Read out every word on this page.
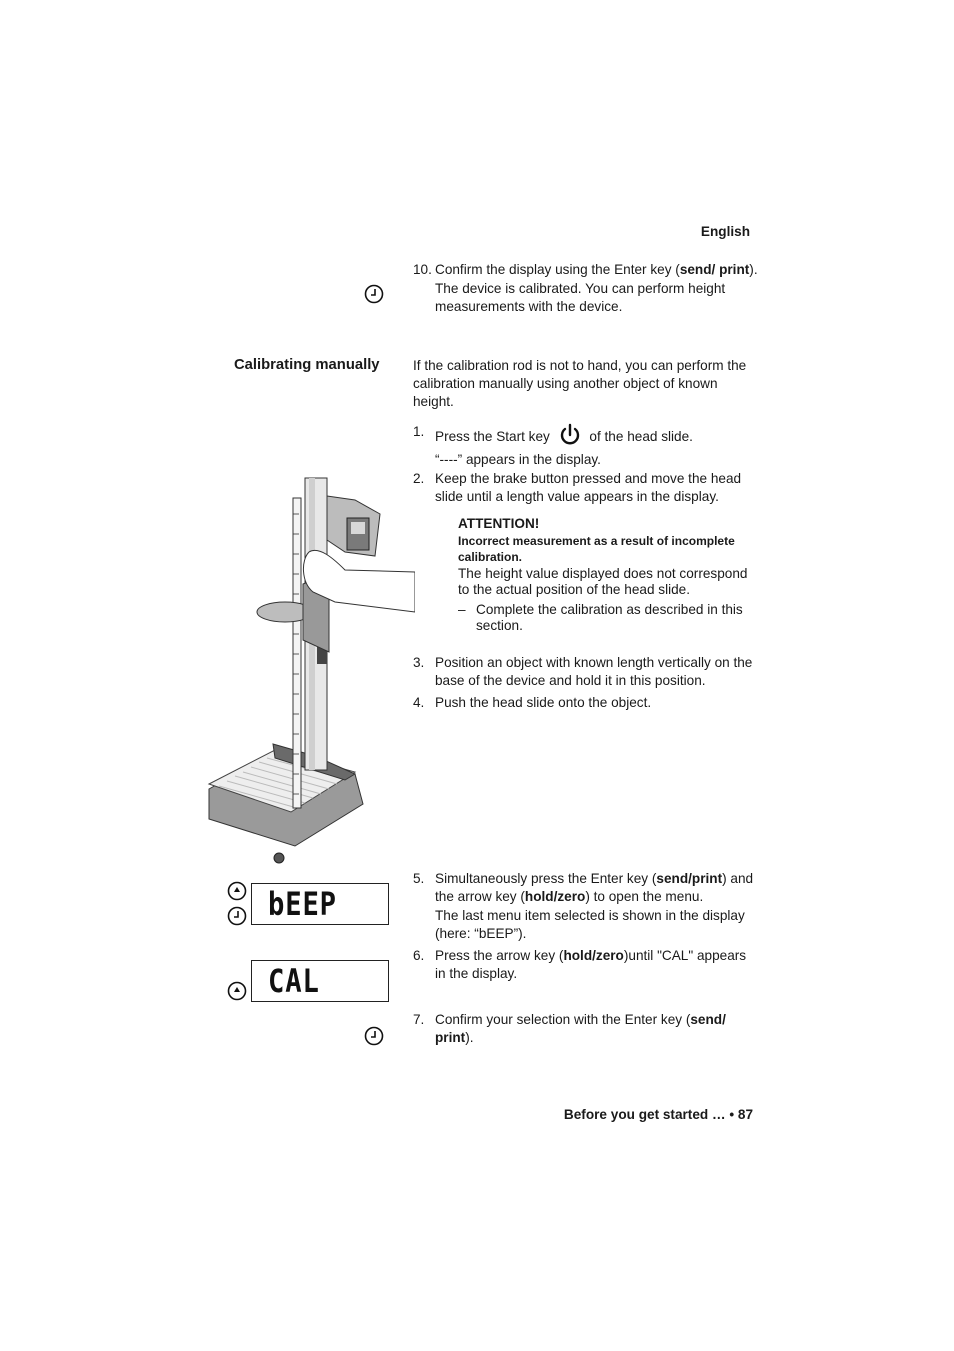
English
10. Confirm the display using the Enter key (send/ print).
The device is calibrated. You can perform height measurements with the device.
Calibrating manually If the calibration rod is not to hand, you can perform the calibration manually using another object of known height.
1. Press the Start key	of the head slide.
“----” appears in the display.
2. Keep the brake button pressed and move the head slide until a length value appears in the display.
ATTENTION!
Incorrect measurement as a result of incomplete calibration.
The height value displayed does not correspond to the actual position of the head slide.
– Complete the calibration as described in this section.
3. Position an object with known length vertically on the base of the device and hold it in this position.
4. Push the head slide onto the object.
5. Simultaneously press the Enter key (send/print) and the arrow key (hold/zero) to open the menu.
The last menu item selected is shown in the display (here: “bEEP”).
6. Press the arrow key (hold/zero)until "CAL" appears in the display.
7. Confirm your selection with the Enter key (send/ print).
bEEP
CAL
Before you get started … • 87
